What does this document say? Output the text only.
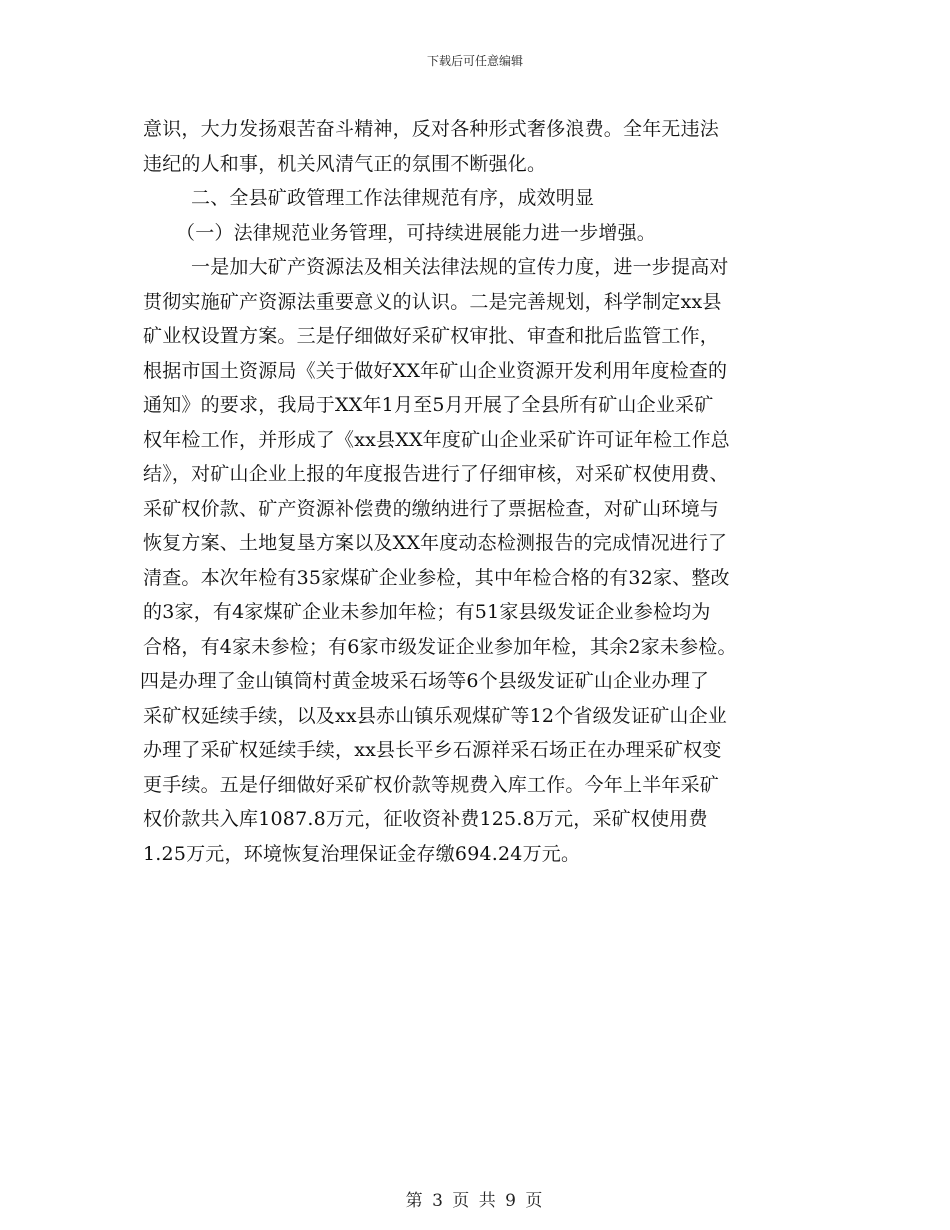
下载后可任意编辑
意识，大力发扬艰苦奋斗精神，反对各种形式奢侈浪费。全年无违法
违纪的人和事，机关风清气正的氛围不断强化。
二、全县矿政管理工作法律规范有序，成效明显
（一）法律规范业务管理，可持续进展能力进一步增强。
一是加大矿产资源法及相关法律法规的宣传力度，进一步提高对
贯彻实施矿产资源法重要意义的认识。二是完善规划，科学制定xx县
矿业权设置方案。三是仔细做好采矿权审批、审查和批后监管工作，
根据市国土资源局《关于做好XX年矿山企业资源开发利用年度检查的
通知》的要求，我局于XX年1月至5月开展了全县所有矿山企业采矿
权年检工作，并形成了《xx县XX年度矿山企业采矿许可证年检工作总
结》，对矿山企业上报的年度报告进行了仔细审核，对采矿权使用费、
采矿权价款、矿产资源补偿费的缴纳进行了票据检查，对矿山环境与
恢复方案、土地复垦方案以及XX年度动态检测报告的完成情况进行了
清查。本次年检有35家煤矿企业参检，其中年检合格的有32家、整改
的3家，有4家煤矿企业未参加年检；有51家县级发证企业参检均为
合格，有4家未参检；有6家市级发证企业参加年检，其余2家未参检。
四是办理了金山镇筒村黄金坡采石场等6个县级发证矿山企业办理了
采矿权延续手续，以及xx县赤山镇乐观煤矿等12个省级发证矿山企业
办理了采矿权延续手续，xx县长平乡石源祥采石场正在办理采矿权变
更手续。五是仔细做好采矿权价款等规费入库工作。今年上半年采矿
权价款共入库1087.8万元，征收资补费125.8万元，采矿权使用费
1.25万元，环境恢复治理保证金存缴694.24万元。
第 3 页 共 9 页
